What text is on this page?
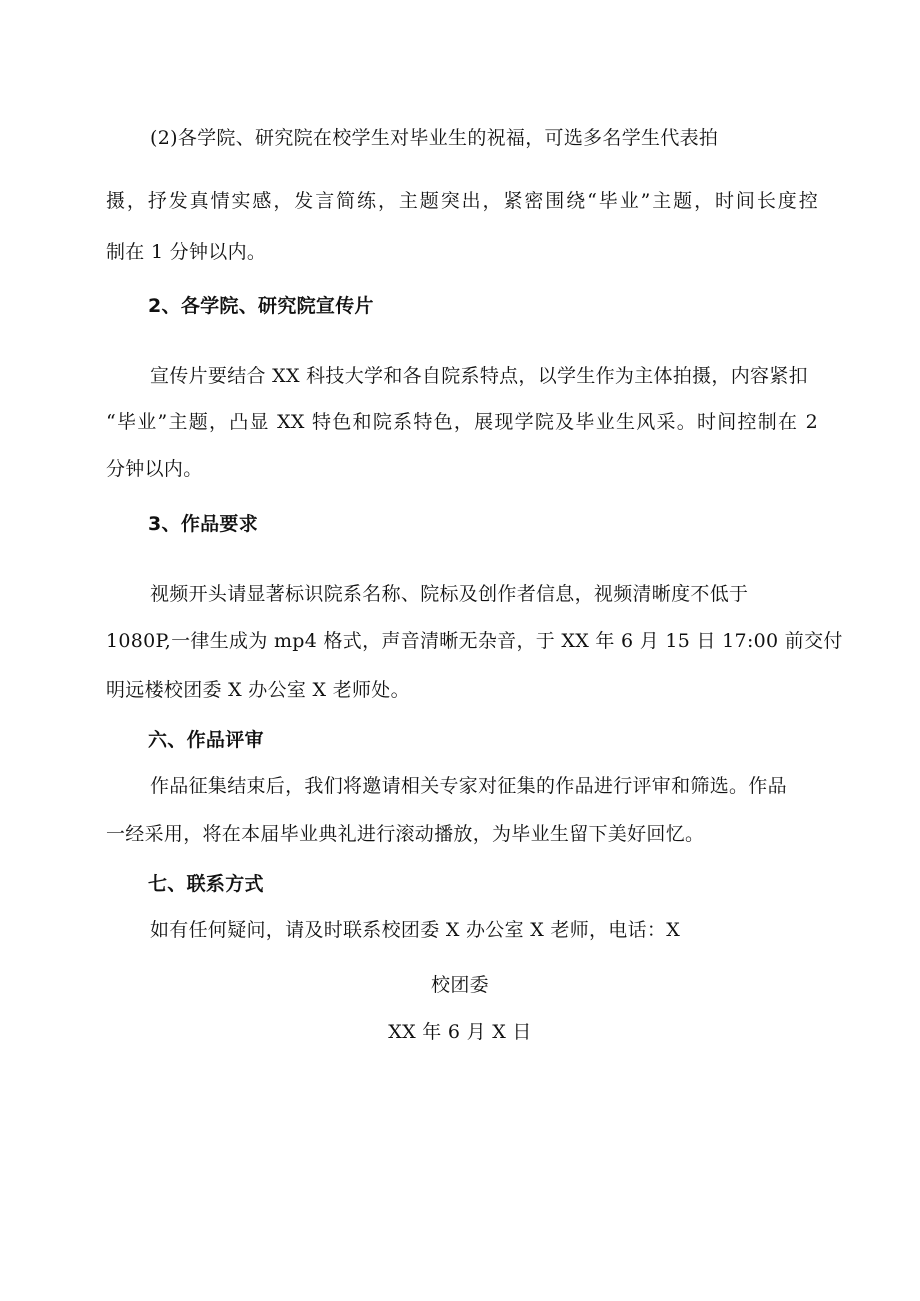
(2)各学院、研究院在校学生对毕业生的祝福，可选多名学生代表拍
摄，抒发真情实感，发言简练，主题突出，紧密围绕“毕业”主题，时间长度控
制在 1 分钟以内。
2、各学院、研究院宣传片
宣传片要结合 XX 科技大学和各自院系特点，以学生作为主体拍摄，内容紧扣
“毕业”主题，凸显 XX 特色和院系特色，展现学院及毕业生风采。时间控制在 2
分钟以内。
3、作品要求
视频开头请显著标识院系名称、院标及创作者信息，视频清晰度不低于
1080P,一律生成为 mp4 格式，声音清晰无杂音，于 XX 年 6 月 15 日 17:00 前交付
明远楼校团委 X 办公室 X 老师处。
六、作品评审
作品征集结束后，我们将邀请相关专家对征集的作品进行评审和筛选。作品
一经采用，将在本届毕业典礼进行滚动播放，为毕业生留下美好回忆。
七、联系方式
如有任何疑问，请及时联系校团委 X 办公室 X 老师，电话：X
校团委
XX 年 6 月 X 日
